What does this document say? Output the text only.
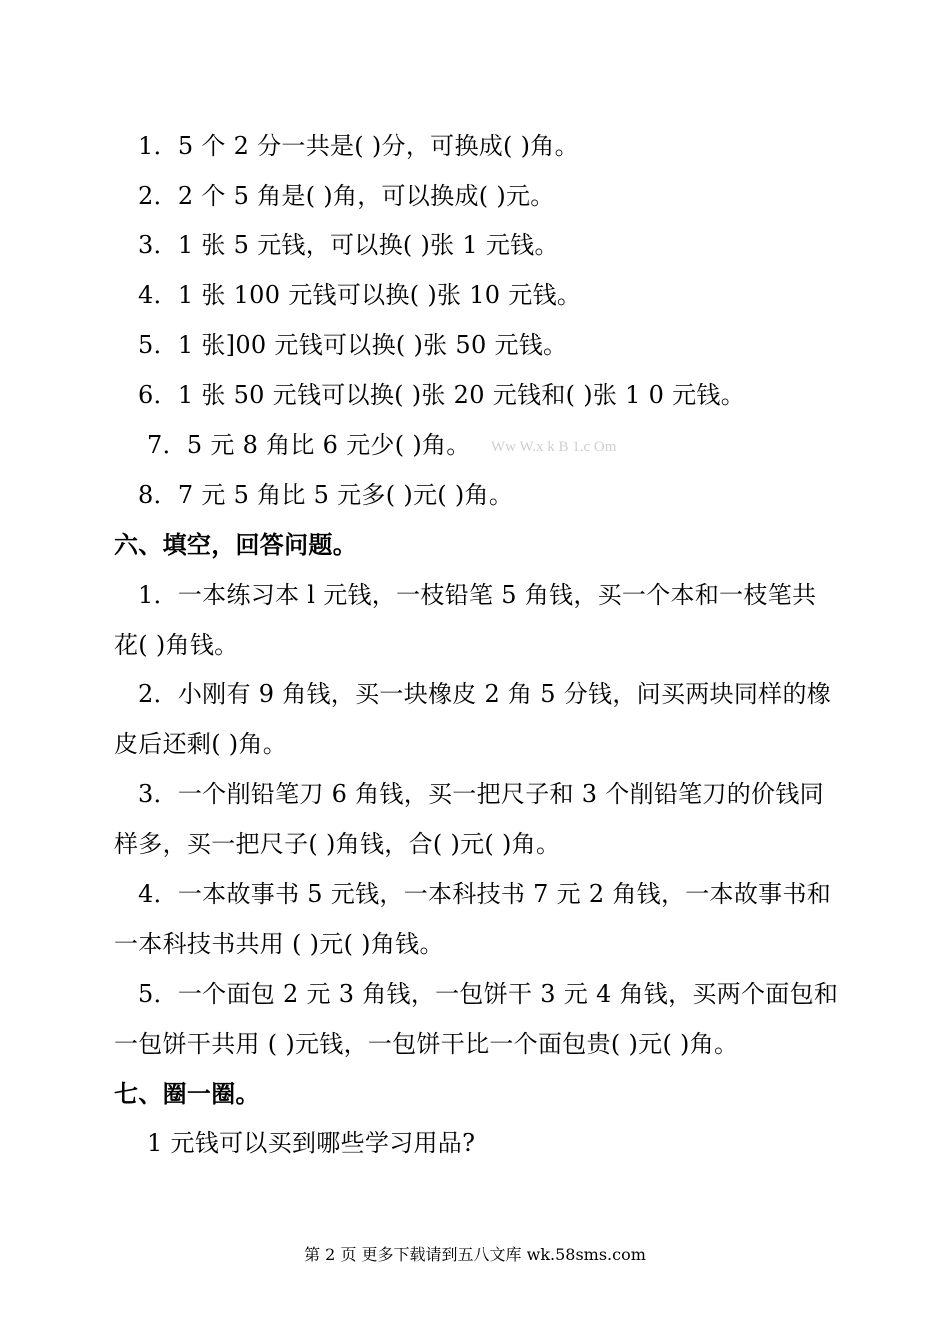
1．5 个 2 分一共是( )分，可换成( )角。
2．2 个 5 角是( )角，可以换成( )元。
3．1 张 5 元钱，可以换( )张 1 元钱。
4．1 张 100 元钱可以换( )张 10 元钱。
5．1 张]00 元钱可以换( )张 50 元钱。
6．1 张 50 元钱可以换( )张 20 元钱和( )张 1 0 元钱。
7．5 元 8 角比 6 元少( )角。 Ww W.x k B 1.c Om
8．7 元 5 角比 5 元多( )元( )角。
六、填空，回答问题。
1．一本练习本 l 元钱，一枝铅笔 5 角钱，买一个本和一枝笔共
花( )角钱。
2．小刚有 9 角钱，买一块橡皮 2 角 5 分钱，问买两块同样的橡
皮后还剩( )角。
3．一个削铅笔刀 6 角钱，买一把尺子和 3 个削铅笔刀的价钱同
样多，买一把尺子( )角钱，合( )元( )角。
4．一本故事书 5 元钱，一本科技书 7 元 2 角钱，一本故事书和
一本科技书共用 ( )元( )角钱。
5．一个面包 2 元 3 角钱，一包饼干 3 元 4 角钱，买两个面包和
一包饼干共用 ( )元钱，一包饼干比一个面包贵( )元( )角。
七、圈一圈。
1 元钱可以买到哪些学习用品?
第 2 页 更多下载请到五八文库 wk.58sms.com
